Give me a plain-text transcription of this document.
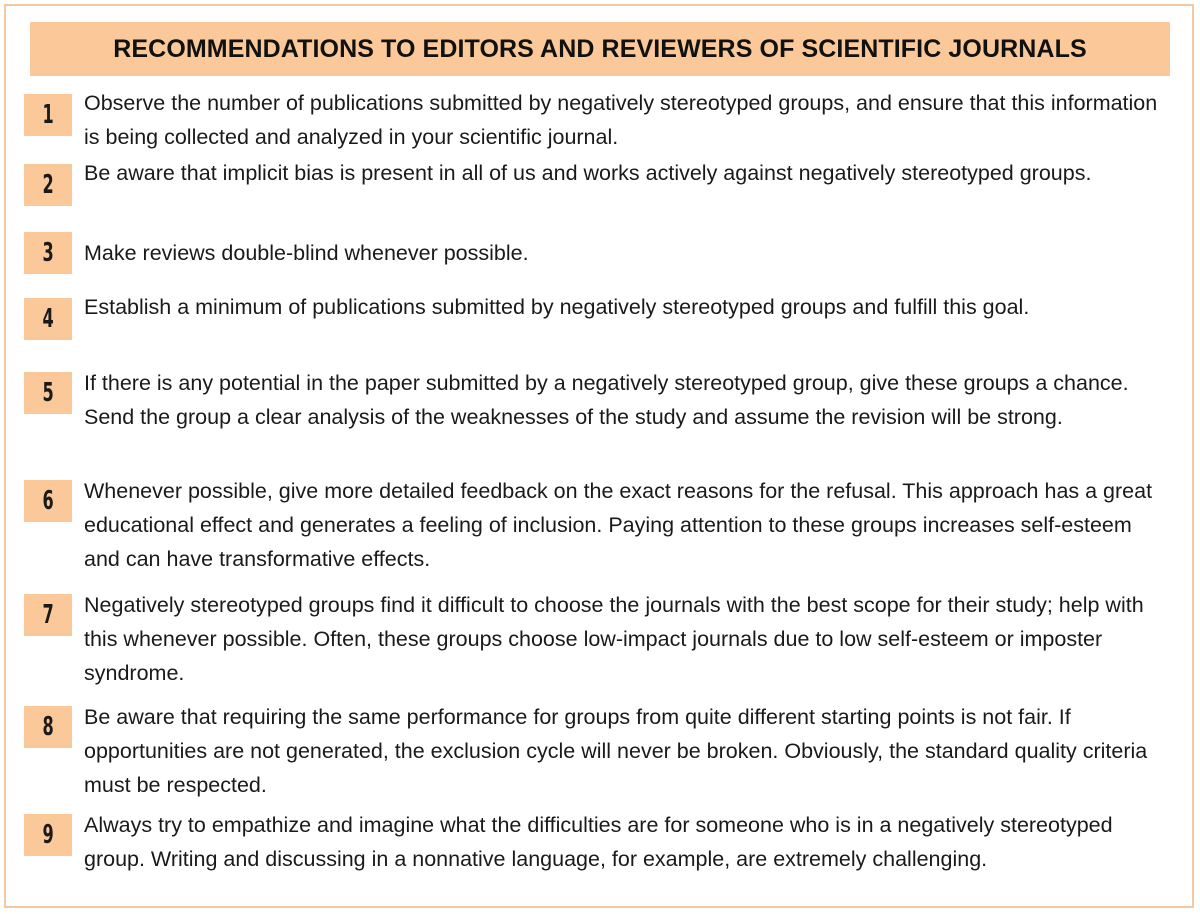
RECOMMENDATIONS TO EDITORS AND REVIEWERS OF SCIENTIFIC JOURNALS
1 Observe the number of publications submitted by negatively stereotyped groups, and ensure that this information is being collected and analyzed in your scientific journal.
2 Be aware that implicit bias is present in all of us and works actively against negatively stereotyped groups.
3 Make reviews double-blind whenever possible.
4 Establish a minimum of publications submitted by negatively stereotyped groups and fulfill this goal.
5 If there is any potential in the paper submitted by a negatively stereotyped group, give these groups a chance. Send the group a clear analysis of the weaknesses of the study and assume the revision will be strong.
6 Whenever possible, give more detailed feedback on the exact reasons for the refusal. This approach has a great educational effect and generates a feeling of inclusion. Paying attention to these groups increases self-esteem and can have transformative effects.
7 Negatively stereotyped groups find it difficult to choose the journals with the best scope for their study; help with this whenever possible. Often, these groups choose low-impact journals due to low self-esteem or imposter syndrome.
8 Be aware that requiring the same performance for groups from quite different starting points is not fair. If opportunities are not generated, the exclusion cycle will never be broken. Obviously, the standard quality criteria must be respected.
9 Always try to empathize and imagine what the difficulties are for someone who is in a negatively stereotyped group. Writing and discussing in a nonnative language, for example, are extremely challenging.
